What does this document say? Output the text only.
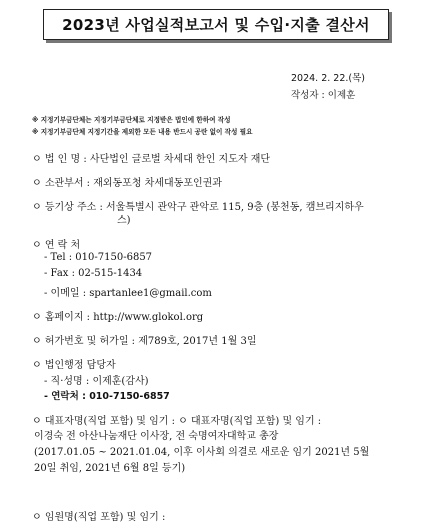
2023년 사업실적보고서 및 수입·지출 결산서
2024. 2. 22.(목)
작성자 : 이제훈
※ 지정기부금단체는 지정기부금단체로 지정받은 법인에 한하여 작성
※ 지정기부금단체 지정기간을 제외한 모든 내용 반드시 공란 없이 작성 필요
ㅇ 법 인 명 : 사단법인 글로벌 차세대 한인 지도자 재단
ㅇ 소관부서 : 재외동포청 차세대동포인권과
ㅇ 등기상 주소 : 서울특별시 관악구 관악로 115, 9층 (봉천동, 캠브리지하우
스)
ㅇ 연 락 처
- Tel : 010-7150-6857
- Fax : 02-515-1434
- 이메일 : spartanlee1@gmail.com
ㅇ 홈페이지 : http://www.glokol.org
ㅇ 허가번호 및 허가일 : 제789호, 2017년 1월 3일
ㅇ 법인행정 담당자
- 직·성명 : 이제훈(감사)
- 연락처 : 010-7150-6857
ㅇ 대표자명(직업 포함) 및 임기 : ㅇ 대표자명(직업 포함) 및 임기 :
이경숙 전 아산나눔재단 이사장, 전 숙명여자대학교 총장
(2017.01.05 ~ 2021.01.04, 이후 이사회 의결로 새로운 임기 2021년 5월
20일 취임, 2021년 6월 8일 등기)
ㅇ 임원명(직업 포함) 및 임기 :
